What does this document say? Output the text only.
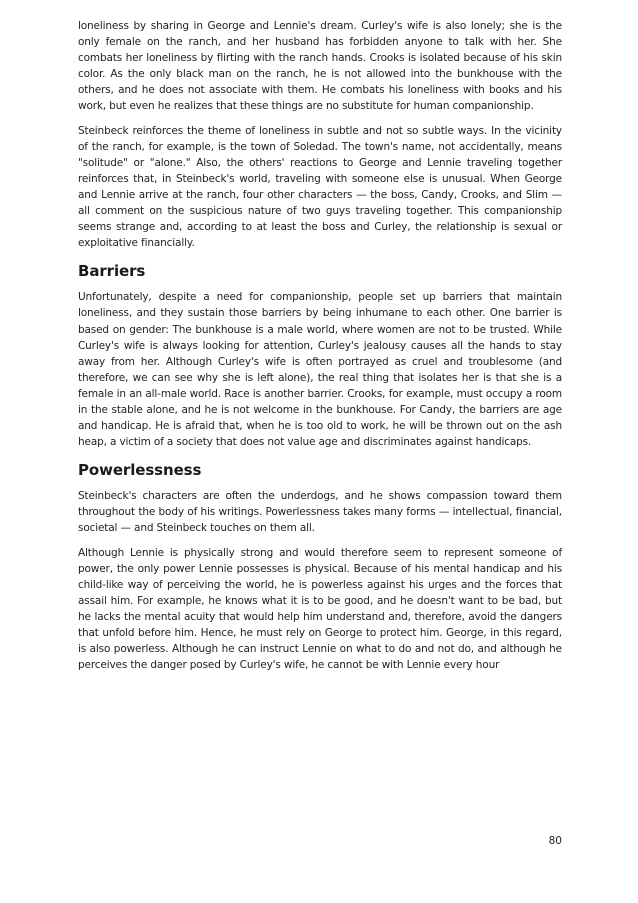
loneliness by sharing in George and Lennie's dream. Curley's wife is also lonely; she is the only female on the ranch, and her husband has forbidden anyone to talk with her. She combats her loneliness by flirting with the ranch hands. Crooks is isolated because of his skin color. As the only black man on the ranch, he is not allowed into the bunkhouse with the others, and he does not associate with them. He combats his loneliness with books and his work, but even he realizes that these things are no substitute for human companionship.

Steinbeck reinforces the theme of loneliness in subtle and not so subtle ways. In the vicinity of the ranch, for example, is the town of Soledad. The town's name, not accidentally, means "solitude" or "alone." Also, the others' reactions to George and Lennie traveling together reinforces that, in Steinbeck's world, traveling with someone else is unusual. When George and Lennie arrive at the ranch, four other characters — the boss, Candy, Crooks, and Slim — all comment on the suspicious nature of two guys traveling together. This companionship seems strange and, according to at least the boss and Curley, the relationship is sexual or exploitative financially.

Barriers

Unfortunately, despite a need for companionship, people set up barriers that maintain loneliness, and they sustain those barriers by being inhumane to each other. One barrier is based on gender: The bunkhouse is a male world, where women are not to be trusted. While Curley's wife is always looking for attention, Curley's jealousy causes all the hands to stay away from her. Although Curley's wife is often portrayed as cruel and troublesome (and therefore, we can see why she is left alone), the real thing that isolates her is that she is a female in an all-male world. Race is another barrier. Crooks, for example, must occupy a room in the stable alone, and he is not welcome in the bunkhouse. For Candy, the barriers are age and handicap. He is afraid that, when he is too old to work, he will be thrown out on the ash heap, a victim of a society that does not value age and discriminates against handicaps.

Powerlessness

Steinbeck's characters are often the underdogs, and he shows compassion toward them throughout the body of his writings. Powerlessness takes many forms — intellectual, financial, societal — and Steinbeck touches on them all.

Although Lennie is physically strong and would therefore seem to represent someone of power, the only power Lennie possesses is physical. Because of his mental handicap and his child-like way of perceiving the world, he is powerless against his urges and the forces that assail him. For example, he knows what it is to be good, and he doesn't want to be bad, but he lacks the mental acuity that would help him understand and, therefore, avoid the dangers that unfold before him. Hence, he must rely on George to protect him. George, in this regard, is also powerless. Although he can instruct Lennie on what to do and not do, and although he perceives the danger posed by Curley's wife, he cannot be with Lennie every hour

80
